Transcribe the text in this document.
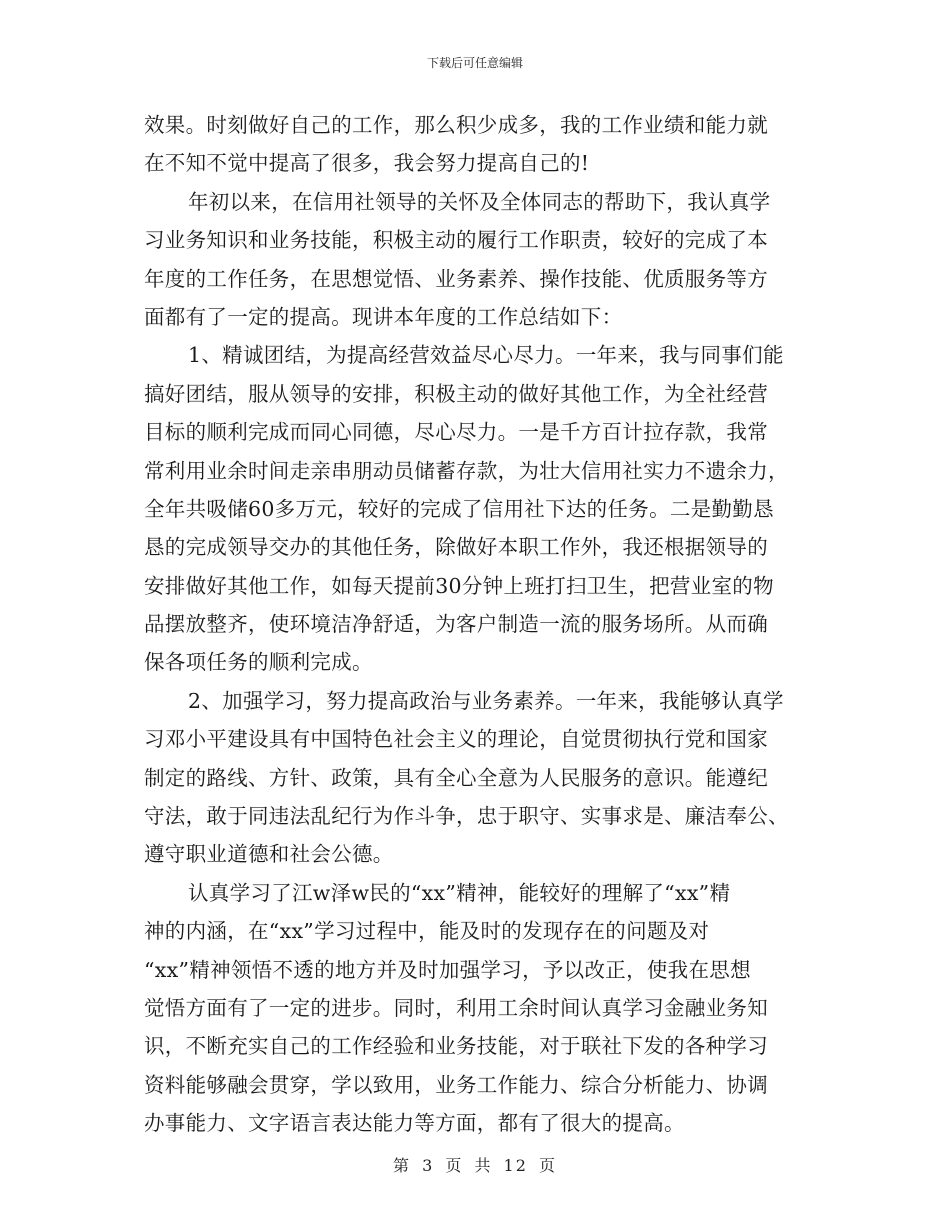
下载后可任意编辑
效果。时刻做好自己的工作，那么积少成多，我的工作业绩和能力就
在不知不觉中提高了很多，我会努力提高自己的!
年初以来，在信用社领导的关怀及全体同志的帮助下，我认真学
习业务知识和业务技能，积极主动的履行工作职责，较好的完成了本
年度的工作任务，在思想觉悟、业务素养、操作技能、优质服务等方
面都有了一定的提高。现讲本年度的工作总结如下：
1、精诚团结，为提高经营效益尽心尽力。一年来，我与同事们能
搞好团结，服从领导的安排，积极主动的做好其他工作，为全社经营
目标的顺利完成而同心同德，尽心尽力。一是千方百计拉存款，我常
常利用业余时间走亲串朋动员储蓄存款，为壮大信用社实力不遗余力，
全年共吸储60多万元，较好的完成了信用社下达的任务。二是勤勤恳
恳的完成领导交办的其他任务，除做好本职工作外，我还根据领导的
安排做好其他工作，如每天提前30分钟上班打扫卫生，把营业室的物
品摆放整齐，使环境洁净舒适，为客户制造一流的服务场所。从而确
保各项任务的顺利完成。
2、加强学习，努力提高政治与业务素养。一年来，我能够认真学
习邓小平建设具有中国特色社会主义的理论，自觉贯彻执行党和国家
制定的路线、方针、政策，具有全心全意为人民服务的意识。能遵纪
守法，敢于同违法乱纪行为作斗争，忠于职守、实事求是、廉洁奉公、
遵守职业道德和社会公德。
认真学习了江w泽w民的“xx”精神，能较好的理解了“xx”精
神的内涵，在“xx”学习过程中，能及时的发现存在的问题及对
“xx”精神领悟不透的地方并及时加强学习，予以改正，使我在思想
觉悟方面有了一定的进步。同时，利用工余时间认真学习金融业务知
识，不断充实自己的工作经验和业务技能，对于联社下发的各种学习
资料能够融会贯穿，学以致用，业务工作能力、综合分析能力、协调
办事能力、文字语言表达能力等方面，都有了很大的提高。
第 3 页 共 12 页
